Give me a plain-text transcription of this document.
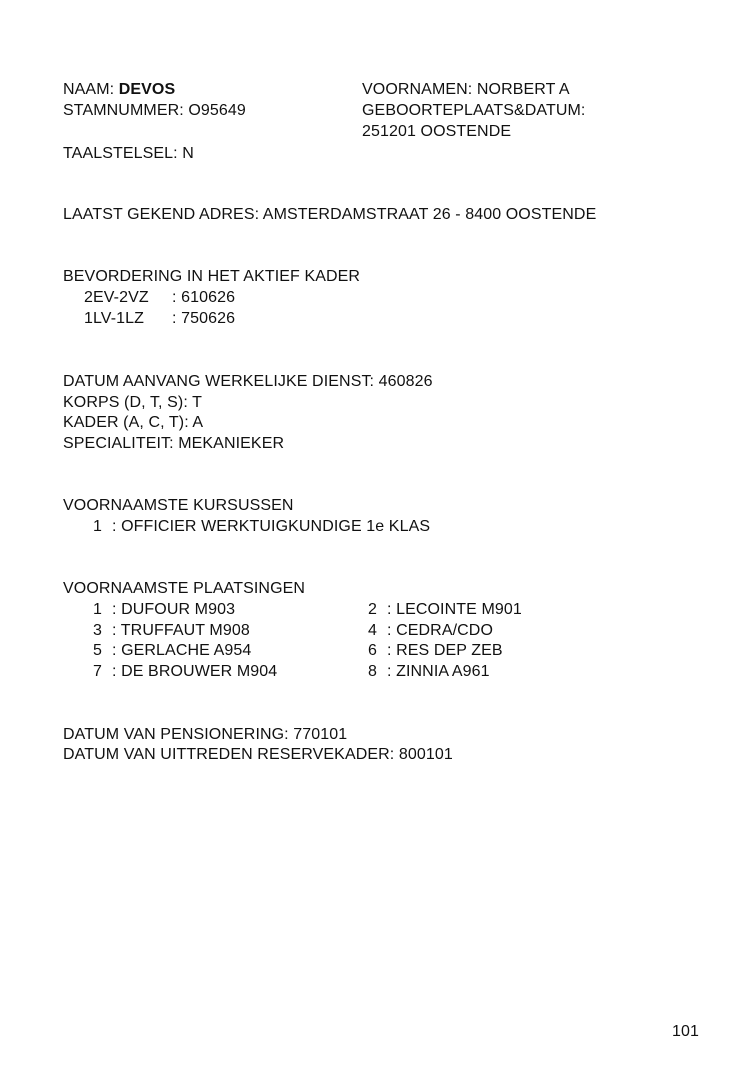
NAAM: DEVOS
STAMNUMMER: O95649
TAALSTELSEL: N
VOORNAMEN: NORBERT A
GEBOORTEPLAATS&DATUM:
251201 OOSTENDE
LAATST GEKEND ADRES: AMSTERDAMSTRAAT 26 - 8400 OOSTENDE
BEVORDERING IN HET AKTIEF KADER
2EV-2VZ : 610626
1LV-1LZ : 750626
DATUM AANVANG WERKELIJKE DIENST: 460826
KORPS (D, T, S): T
KADER (A, C, T): A
SPECIALITEIT: MEKANIEKER
VOORNAAMSTE KURSUSSEN
1 : OFFICIER WERKTUIGKUNDIGE 1e KLAS
VOORNAAMSTE PLAATSINGEN
1 : DUFOUR M903
3 : TRUFFAUT M908
5 : GERLACHE A954
7 : DE BROUWER M904
2 : LECOINTE M901
4 : CEDRA/CDO
6 : RES DEP ZEB
8 : ZINNIA A961
DATUM VAN PENSIONERING: 770101
DATUM VAN UITTREDEN RESERVEKADER: 800101
101
